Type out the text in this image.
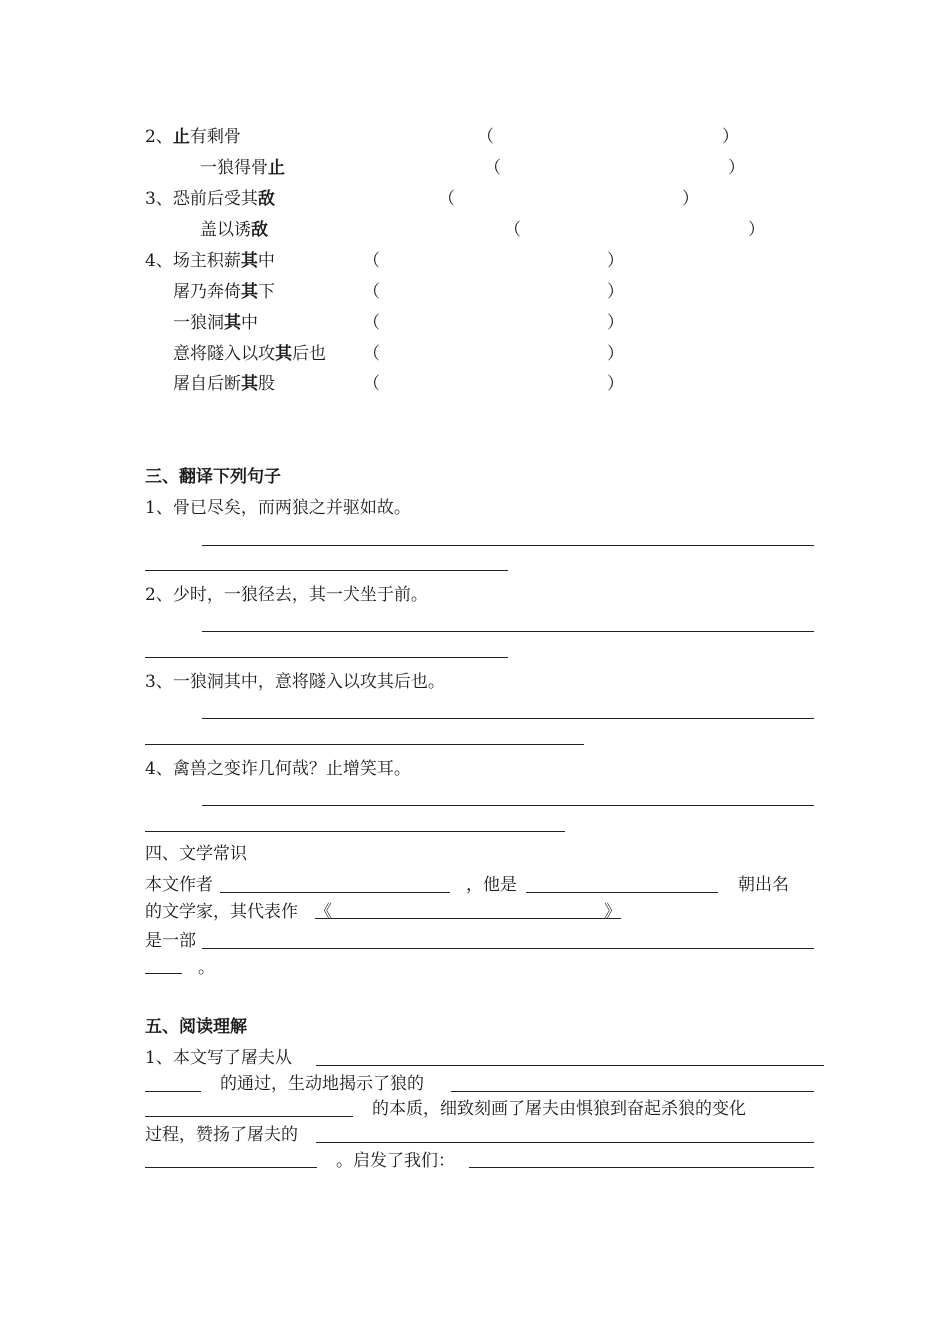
2、止有剩骨	（	）
一狼得骨止	（	）
3、恐前后受其敌	（	）
盖以诱敌	（	）
4、场主积薪其中	（	）
屠乃奔倚其下	（	）
一狼洞其中	（	）
意将隧入以攻其后也 （	）
屠自后断其股	（	）
三、翻译下列句子
1、骨已尽矣，而两狼之并驱如故。
2、少时，一狼径去，其一犬坐于前。
3、一狼洞其中，意将隧入以攻其后也。
4、禽兽之变诈几何哉？止增笑耳。
四、文学常识
本文作者	，他是	朝出名
的文学家，其代表作 《	》
是一部
。
五、阅读理解
1、本文写了屠夫从
的通过，生动地揭示了狼的
的本质，细致刻画了屠夫由惧狼到奋起杀狼的变化
过程，赞扬了屠夫的
。启发了我们：
